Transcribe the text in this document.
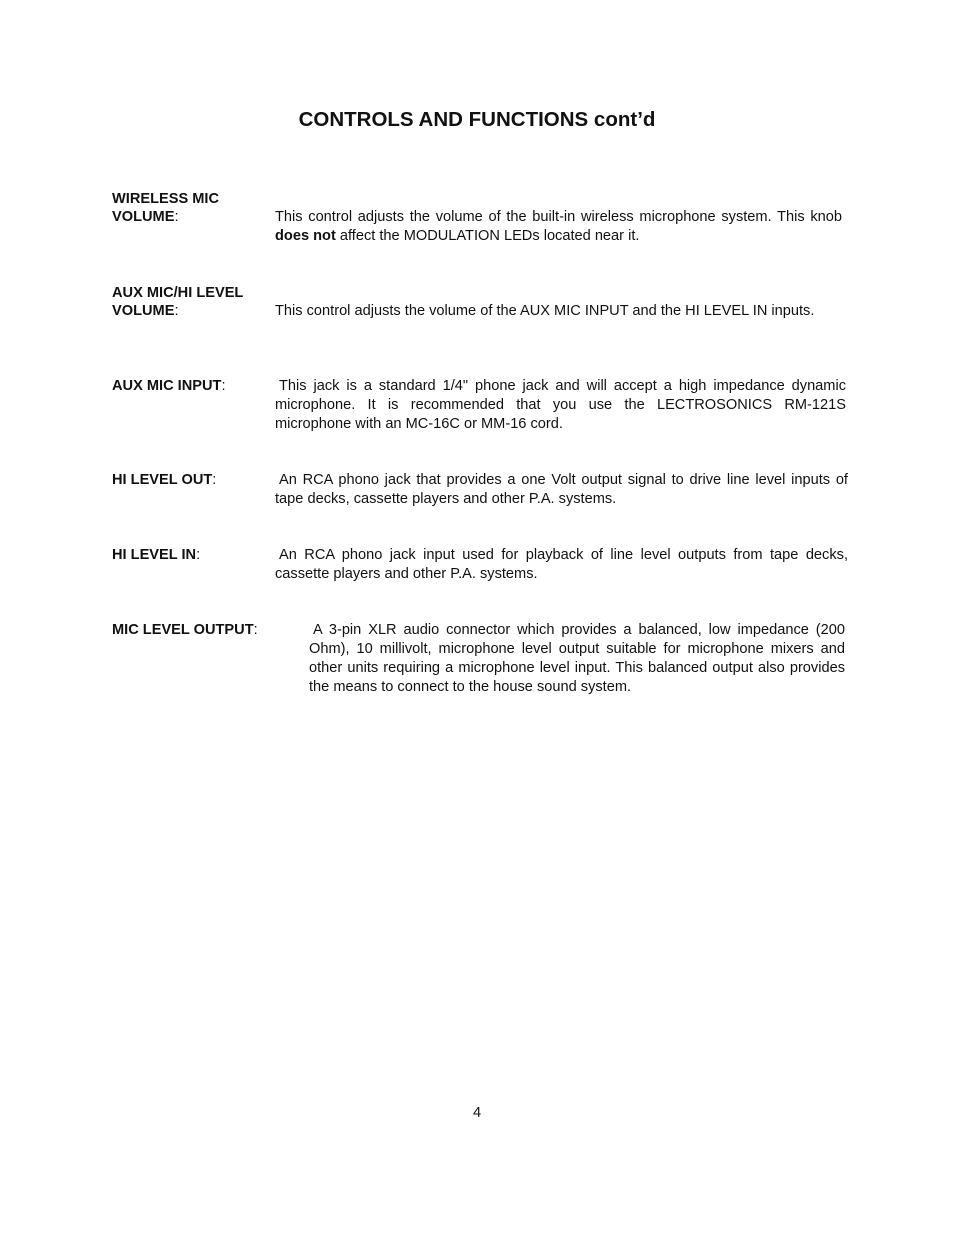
CONTROLS AND FUNCTIONS cont’d
WIRELESS MIC
VOLUME:	This control adjusts the volume of the built-in wireless microphone system. This knob does not affect the MODULATION LEDs located near it.
AUX MIC/HI LEVEL
VOLUME:	This control adjusts the volume of the AUX MIC INPUT and the HI LEVEL IN inputs.
AUX MIC INPUT:	This jack is a standard 1/4" phone jack and will accept a high impedance dynamic microphone. It is recommended that you use the LECTROSONICS RM-121S microphone with an MC-16C or MM-16 cord.
HI LEVEL OUT:	An RCA phono jack that provides a one Volt output signal to drive line level inputs of tape decks, cassette players and other P.A. systems.
HI LEVEL IN:	An RCA phono jack input used for playback of line level outputs from tape decks, cassette players and other P.A. systems.
MIC LEVEL OUTPUT:	A 3-pin XLR audio connector which provides a balanced, low impedance (200 Ohm), 10 millivolt, microphone level output suitable for microphone mixers and other units requiring a microphone level input. This balanced output also provides the means to connect to the house sound system.
4
